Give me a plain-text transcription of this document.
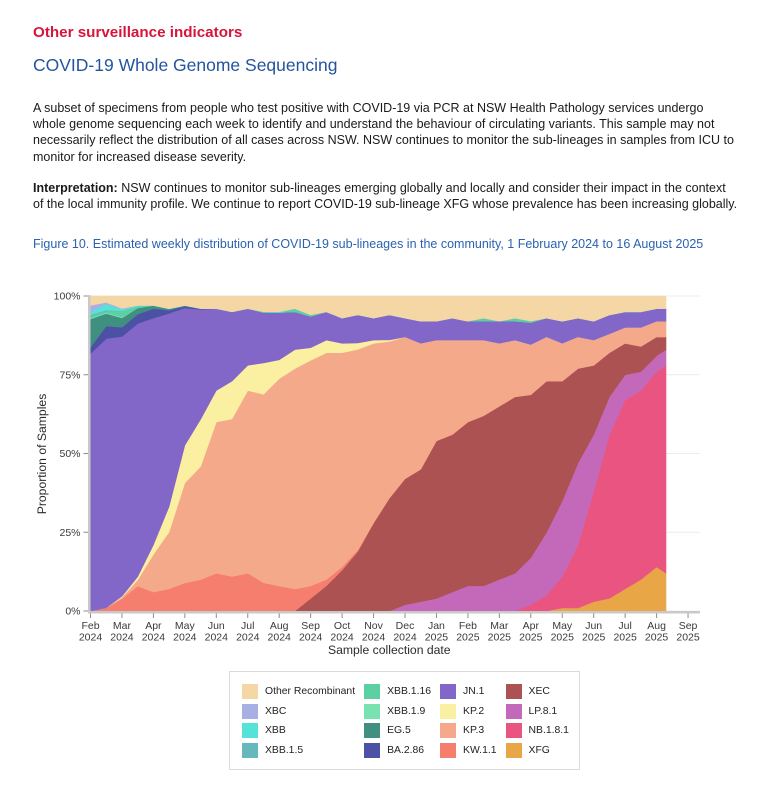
Other surveillance indicators
COVID-19 Whole Genome Sequencing
A subset of specimens from people who test positive with COVID-19 via PCR at NSW Health Pathology services undergo whole genome sequencing each week to identify and understand the behaviour of circulating variants. This sample may not necessarily reflect the distribution of all cases across NSW. NSW continues to monitor the sub-lineages in samples from ICU to monitor for increased disease severity.
Interpretation: NSW continues to monitor sub-lineages emerging globally and locally and consider their impact in the context of the local immunity profile. We continue to report COVID-19 sub-lineage XFG whose prevalence has been increasing globally.
Figure 10. Estimated weekly distribution of COVID-19 sub-lineages in the community, 1 February 2024 to 16 August 2025
0%
25%
50%
75%
100%
Feb
2024
Mar
2024
Apr
2024
May
2024
Jun
2024
Jul
2024
Aug
2024
Sep
2024
Oct
2024
Nov
2024
Dec
2024
Jan
2025
Feb
2025
Mar
2025
Apr
2025
May
2025
Jun
2025
Jul
2025
Aug
2025
Sep
2025
Sample collection date
Proportion of Samples
Other Recombinant
XBC
XBB
XBB.1.5
XBB.1.16
XBB.1.9
EG.5
BA.2.86
JN.1
KP.2
KP.3
KW.1.1
XEC
LP.8.1
NB.1.8.1
XFG
